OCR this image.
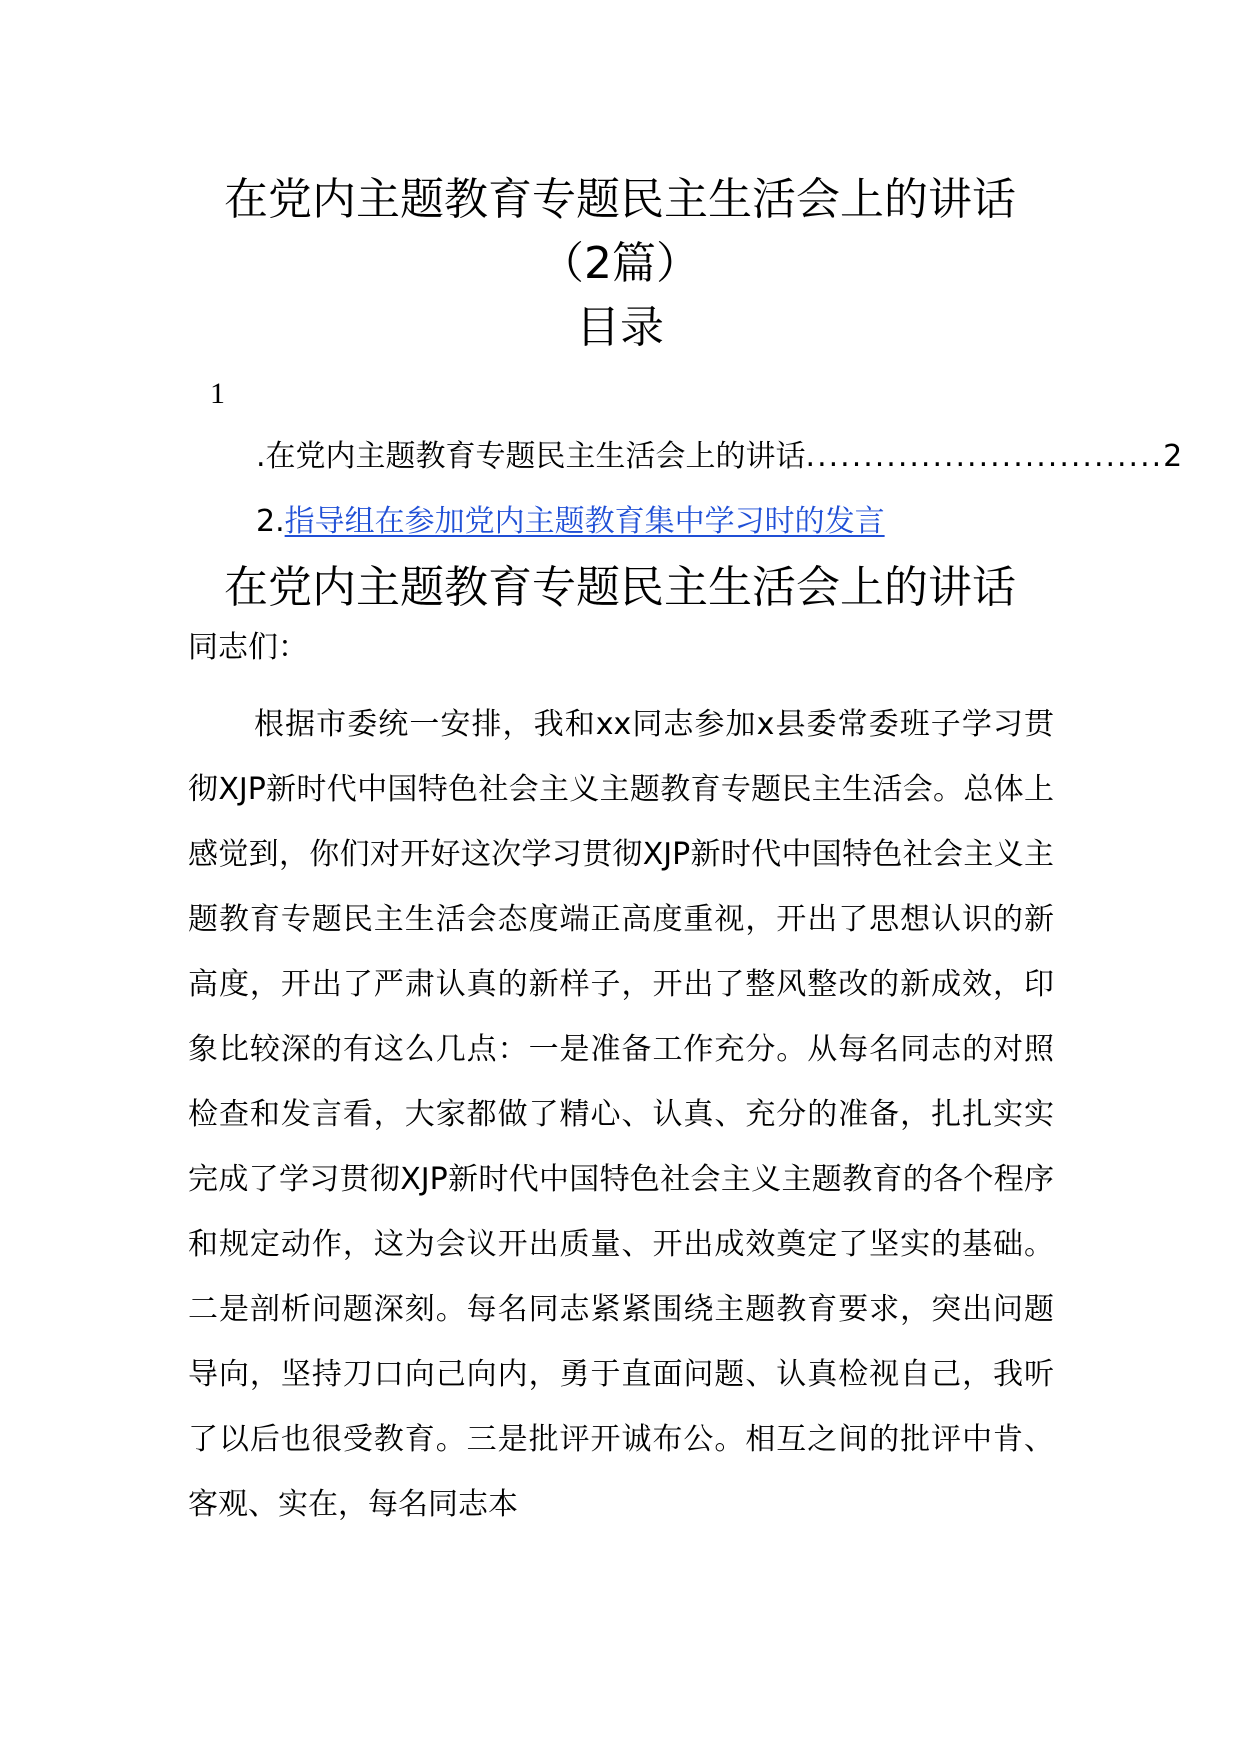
在党内主题教育专题民主生活会上的讲话
（2篇）
目录
1
.在党内主题教育专题民主生活会上的讲话 ............................... 2
2.指导组在参加党内主题教育集中学习时的发言
在党内主题教育专题民主生活会上的讲话

同志们：

根据市委统一安排，我和xx同志参加x县委常委班子学习贯彻XJP新时代中国特色社会主义主题教育专题民主生活会。总体上感觉到，你们对开好这次学习贯彻XJP新时代中国特色社会主义主题教育专题民主生活会态度端正高度重视，开出了思想认识的新高度，开出了严肃认真的新样子，开出了整风整改的新成效，印象比较深的有这么几点：一是准备工作充分。从每名同志的对照检查和发言看，大家都做了精心、认真、充分的准备，扎扎实实完成了学习贯彻XJP新时代中国特色社会主义主题教育的各个程序和规定动作，这为会议开出质量、开出成效奠定了坚实的基础。二是剖析问题深刻。每名同志紧紧围绕主题教育要求，突出问题导向，坚持刀口向己向内，勇于直面问题、认真检视自己，我听了以后也很受教育。三是批评开诚布公。相互之间的批评中肯、客观、实在，每名同志本
